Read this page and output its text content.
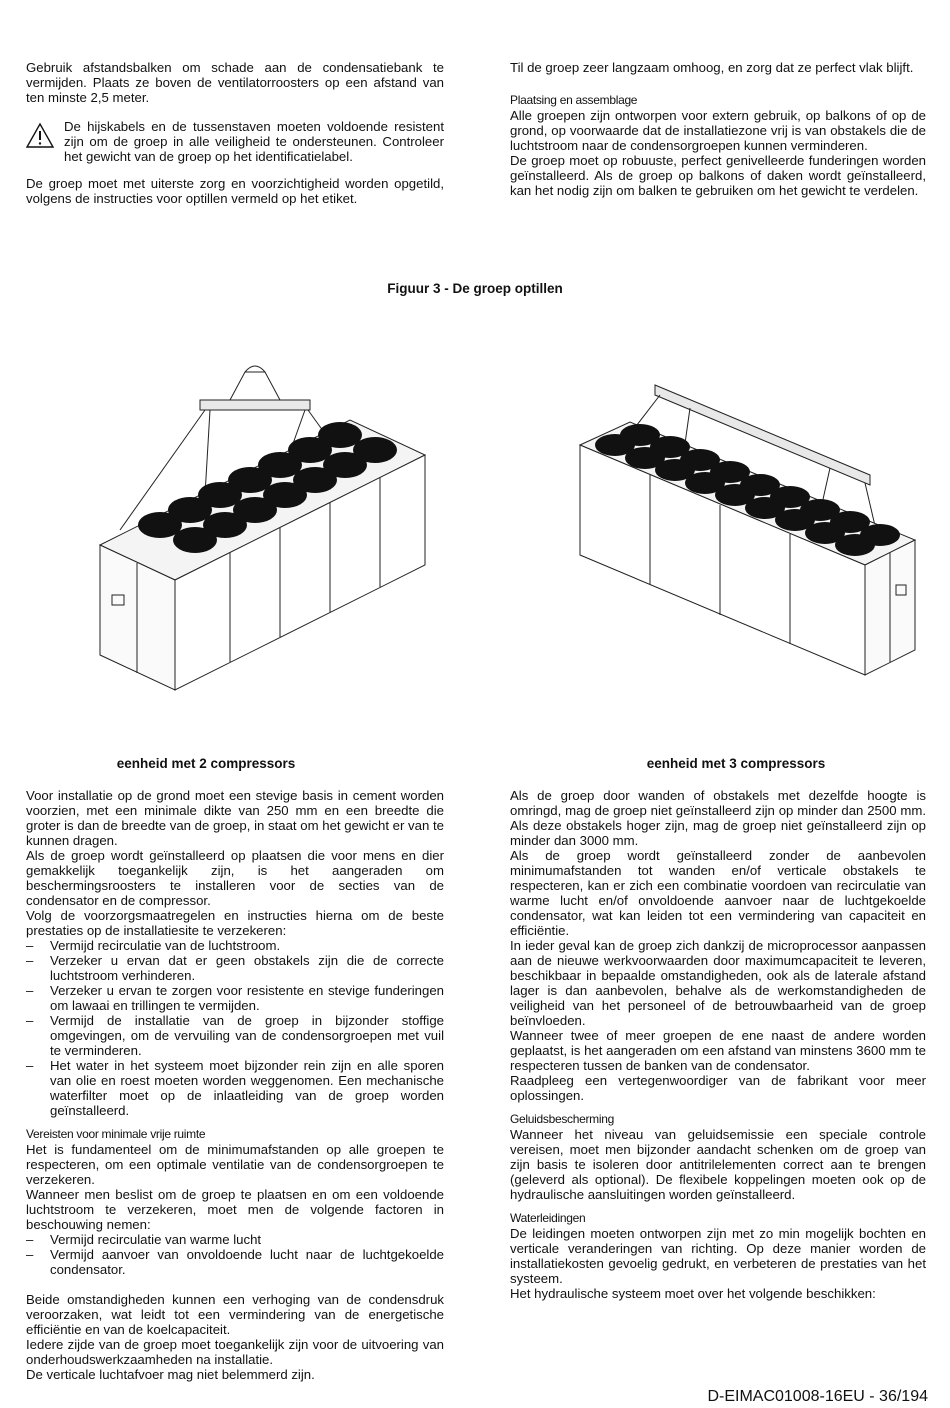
Gebruik afstandsbalken om schade aan de condensatiebank te vermijden. Plaats ze boven de ventilatorroosters op een afstand van ten minste 2,5 meter.

De hijskabels en de tussenstaven moeten voldoende resistent zijn om de groep in alle veiligheid te ondersteunen. Controleer het gewicht van de groep op het identificatielabel.

De groep moet met uiterste zorg en voorzichtigheid worden opgetild, volgens de instructies voor optillen vermeld op het etiket.

Til de groep zeer langzaam omhoog, en zorg dat ze perfect vlak blijft.

Plaatsing en assemblage

Alle groepen zijn ontworpen voor extern gebruik, op balkons of op de grond, op voorwaarde dat de installatiezone vrij is van obstakels die de luchtstroom naar de condensorgroepen kunnen verminderen.

De groep moet op robuuste, perfect genivelleerde funderingen worden geïnstalleerd. Als de groep op balkons of daken wordt geïnstalleerd, kan het nodig zijn om balken te gebruiken om het gewicht te verdelen.

Figuur 3 - De groep optillen
eenheid met 2 compressors	eenheid met 3 compressors

Voor installatie op de grond moet een stevige basis in cement worden voorzien, met een minimale dikte van 250 mm en een breedte die groter is dan de breedte van de groep, in staat om het gewicht er van te kunnen dragen.

Als de groep wordt geïnstalleerd op plaatsen die voor mens en dier gemakkelijk toegankelijk zijn, is het aangeraden om beschermingsroosters te installeren voor de secties van de condensator en de compressor.

Volg de voorzorgsmaatregelen en instructies hierna om de beste prestaties op de installatiesite te verzekeren:

– Vermijd recirculatie van de luchtstroom.
– Verzeker u ervan dat er geen obstakels zijn die de correcte luchtstroom verhinderen.
– Verzeker u ervan te zorgen voor resistente en stevige funderingen om lawaai en trillingen te vermijden.
– Vermijd de installatie van de groep in bijzonder stoffige omgevingen, om de vervuiling van de condensorgroepen met vuil te verminderen.
– Het water in het systeem moet bijzonder rein zijn en alle sporen van olie en roest moeten worden weggenomen. Een mechanische waterfilter moet op de inlaatleiding van de groep worden geïnstalleerd.

Vereisten voor minimale vrije ruimte

Het is fundamenteel om de minimumafstanden op alle groepen te respecteren, om een optimale ventilatie van de condensorgroepen te verzekeren.

Wanneer men beslist om de groep te plaatsen en om een voldoende luchtstroom te verzekeren, moet men de volgende factoren in beschouwing nemen:

– Vermijd recirculatie van warme lucht
– Vermijd aanvoer van onvoldoende lucht naar de luchtgekoelde condensator.

Beide omstandigheden kunnen een verhoging van de condensdruk veroorzaken, wat leidt tot een vermindering van de energetische efficiëntie en van de koelcapaciteit.

Iedere zijde van de groep moet toegankelijk zijn voor de uitvoering van onderhoudswerkzaamheden na installatie.

De verticale luchtafvoer mag niet belemmerd zijn.

Als de groep door wanden of obstakels met dezelfde hoogte is omringd, mag de groep niet geïnstalleerd zijn op minder dan 2500 mm. Als deze obstakels hoger zijn, mag de groep niet geïnstalleerd zijn op minder dan 3000 mm.

Als de groep wordt geïnstalleerd zonder de aanbevolen minimumafstanden tot wanden en/of verticale obstakels te respecteren, kan er zich een combinatie voordoen van recirculatie van warme lucht en/of onvoldoende aanvoer naar de luchtgekoelde condensator, wat kan leiden tot een vermindering van capaciteit en efficiëntie.

In ieder geval kan de groep zich dankzij de microprocessor aanpassen aan de nieuwe werkvoorwaarden door maximumcapaciteit te leveren, beschikbaar in bepaalde omstandigheden, ook als de laterale afstand lager is dan aanbevolen, behalve als de werkomstandigheden de veiligheid van het personeel of de betrouwbaarheid van de groep beïnvloeden.

Wanneer twee of meer groepen de ene naast de andere worden geplaatst, is het aangeraden om een afstand van minstens 3600 mm te respecteren tussen de banken van de condensator.

Raadpleeg een vertegenwoordiger van de fabrikant voor meer oplossingen.

Geluidsbescherming

Wanneer het niveau van geluidsemissie een speciale controle vereisen, moet men bijzonder aandacht schenken om de groep van zijn basis te isoleren door antitrilelementen correct aan te brengen (geleverd als optional). De flexibele koppelingen moeten ook op de hydraulische aansluitingen worden geïnstalleerd.

Waterleidingen

De leidingen moeten ontworpen zijn met zo min mogelijk bochten en verticale veranderingen van richting. Op deze manier worden de installatiekosten gevoelig gedrukt, en verbeteren de prestaties van het systeem.

Het hydraulische systeem moet over het volgende beschikken:

D-EIMAC01008-16EU - 36/194
